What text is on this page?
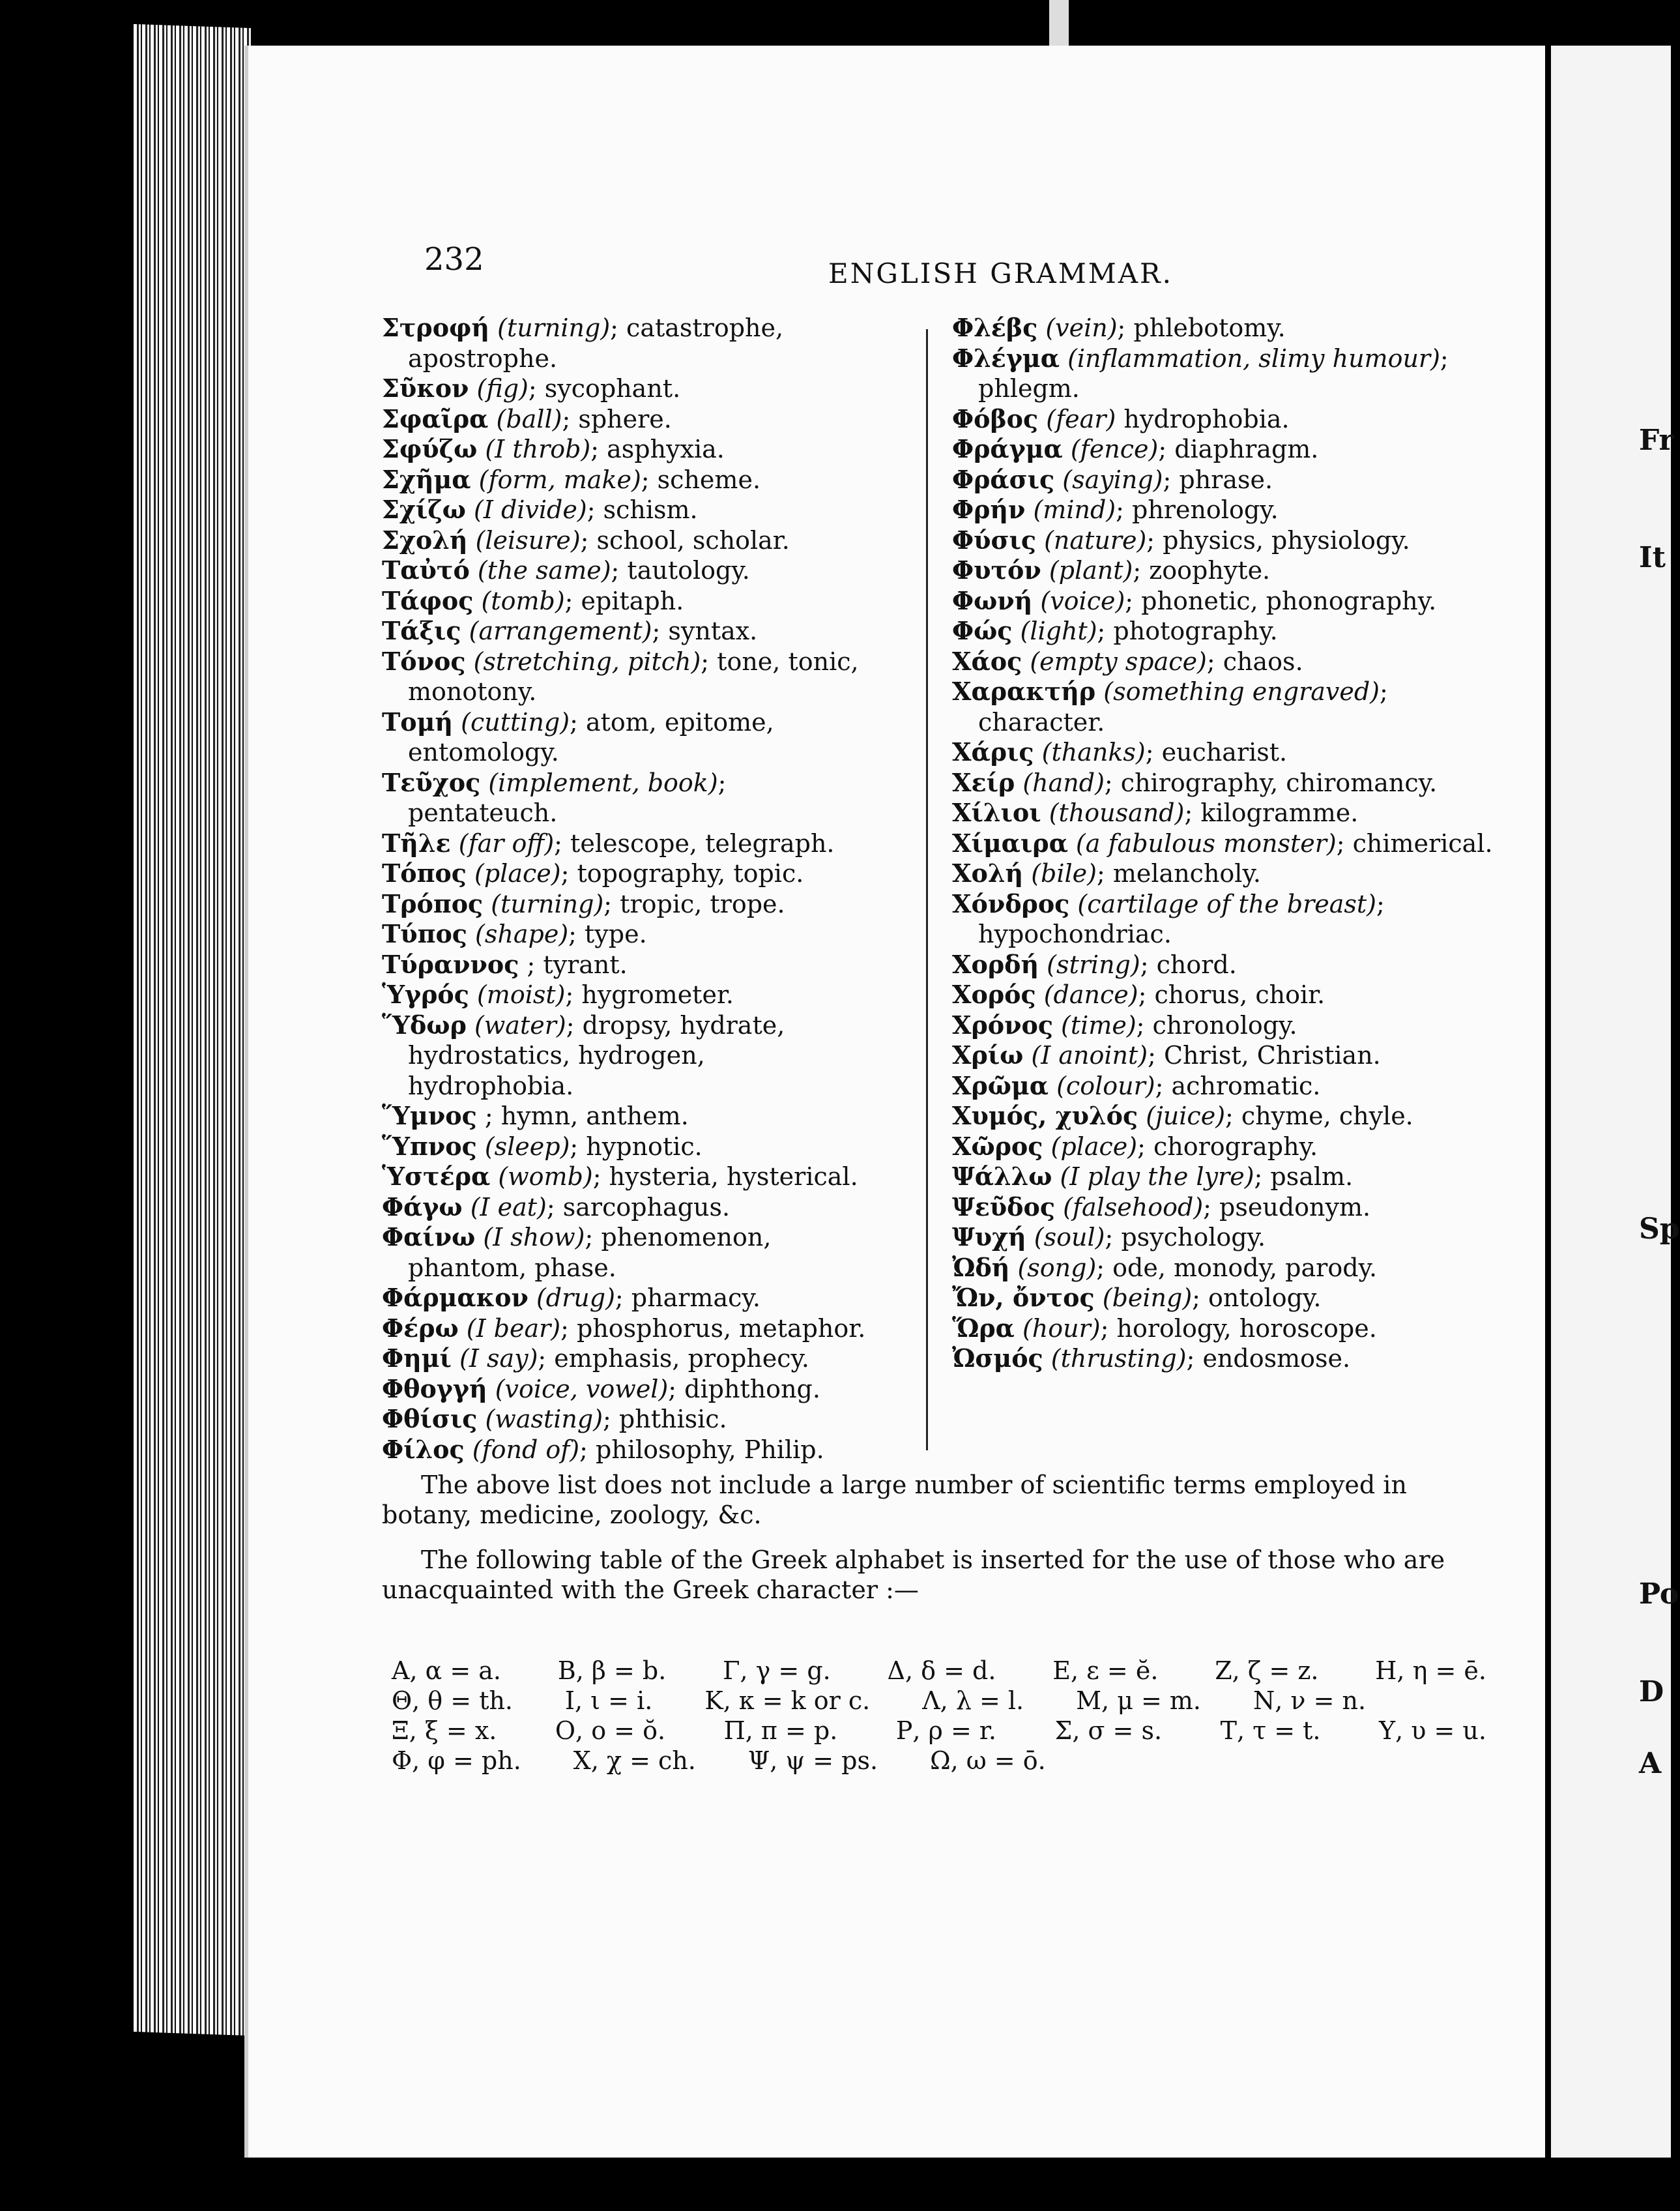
232	ENGLISH GRAMMAR.
Στροφή (turning); catastrophe, apostrophe.
Σῦκον (fig); sycophant.
Σφαῖρα (ball); sphere.
Σφύζω (I throb); asphyxia.
Σχῆμα (form, make); scheme.
Σχίζω (I divide); schism.
Σχολή (leisure); school, scholar.
Ταὐτό (the same); tautology.
Τάφος (tomb); epitaph.
Τάξις (arrangement); syntax.
Τόνος (stretching, pitch); tone, tonic, monotony.
Τομή (cutting); atom, epitome, entomology.
Τεῦχος (implement, book); pentateuch.
Τῆλε (far off); telescope, telegraph.
Τόπος (place); topography, topic.
Τρόπος (turning); tropic, trope.
Τύπος (shape); type.
Τύραννος ; tyrant.
Ὑγρός (moist); hygrometer.
Ὕδωρ (water); dropsy, hydrate, hydrostatics, hydrogen, hydrophobia.
Ὕμνος ; hymn, anthem.
Ὕπνος (sleep); hypnotic.
Ὑστέρα (womb); hysteria, hysterical.
Φάγω (I eat); sarcophagus.
Φαίνω (I show); phenomenon, phantom, phase.
Φάρμακον (drug); pharmacy.
Φέρω (I bear); phosphorus, metaphor.
Φημί (I say); emphasis, prophecy.
Φθογγή (voice, vowel); diphthong.
Φθίσις (wasting); phthisic.
Φίλος (fond of); philosophy, Philip.
Φλέβς (vein); phlebotomy.
Φλέγμα (inflammation, slimy humour); phlegm.
Φόβος (fear) hydrophobia.
Φράγμα (fence); diaphragm.
Φράσις (saying); phrase.
Φρήν (mind); phrenology.
Φύσις (nature); physics, physiology.
Φυτόν (plant); zoophyte.
Φωνή (voice); phonetic, phonography.
Φώς (light); photography.
Χάος (empty space); chaos.
Χαρακτήρ (something engraved); character.
Χάρις (thanks); eucharist.
Χείρ (hand); chirography, chiromancy.
Χίλιοι (thousand); kilogramme.
Χίμαιρα (a fabulous monster); chimerical.
Χολή (bile); melancholy.
Χόνδρος (cartilage of the breast); hypochondriac.
Χορδή (string); chord.
Χορός (dance); chorus, choir.
Χρόνος (time); chronology.
Χρίω (I anoint); Christ, Christian.
Χρῶμα (colour); achromatic.
Χυμός, χυλός (juice); chyme, chyle.
Χῶρος (place); chorography.
Ψάλλω (I play the lyre); psalm.
Ψεῦδος (falsehood); pseudonym.
Ψυχή (soul); psychology.
Ὠδή (song); ode, monody, parody.
Ὤν, ὄντος (being); ontology.
Ὥρα (hour); horology, horoscope.
Ὠσμός (thrusting); endosmose.
The above list does not include a large number of scientific terms employed in botany, medicine, zoology, &c.
The following table of the Greek alphabet is inserted for the use of those who are unacquainted with the Greek character :—
Α, α = a. Β, β = b. Γ, γ = g. Δ, δ = d. Ε, ε = ĕ. Ζ, ζ = z. Η, η = ē.
Θ, θ = th. Ι, ι = i. Κ, κ = k or c. Λ, λ = l. Μ, μ = m. Ν, ν = n.
Ξ, ξ = x. Ο, ο = ŏ. Π, π = p. Ρ, ρ = r. Σ, σ = s. Τ, τ = t. Υ, υ = u.
Φ, φ = ph. Χ, χ = ch. Ψ, ψ = ps. Ω, ω = ō.
Fr
It
Sp
Po
D
A
